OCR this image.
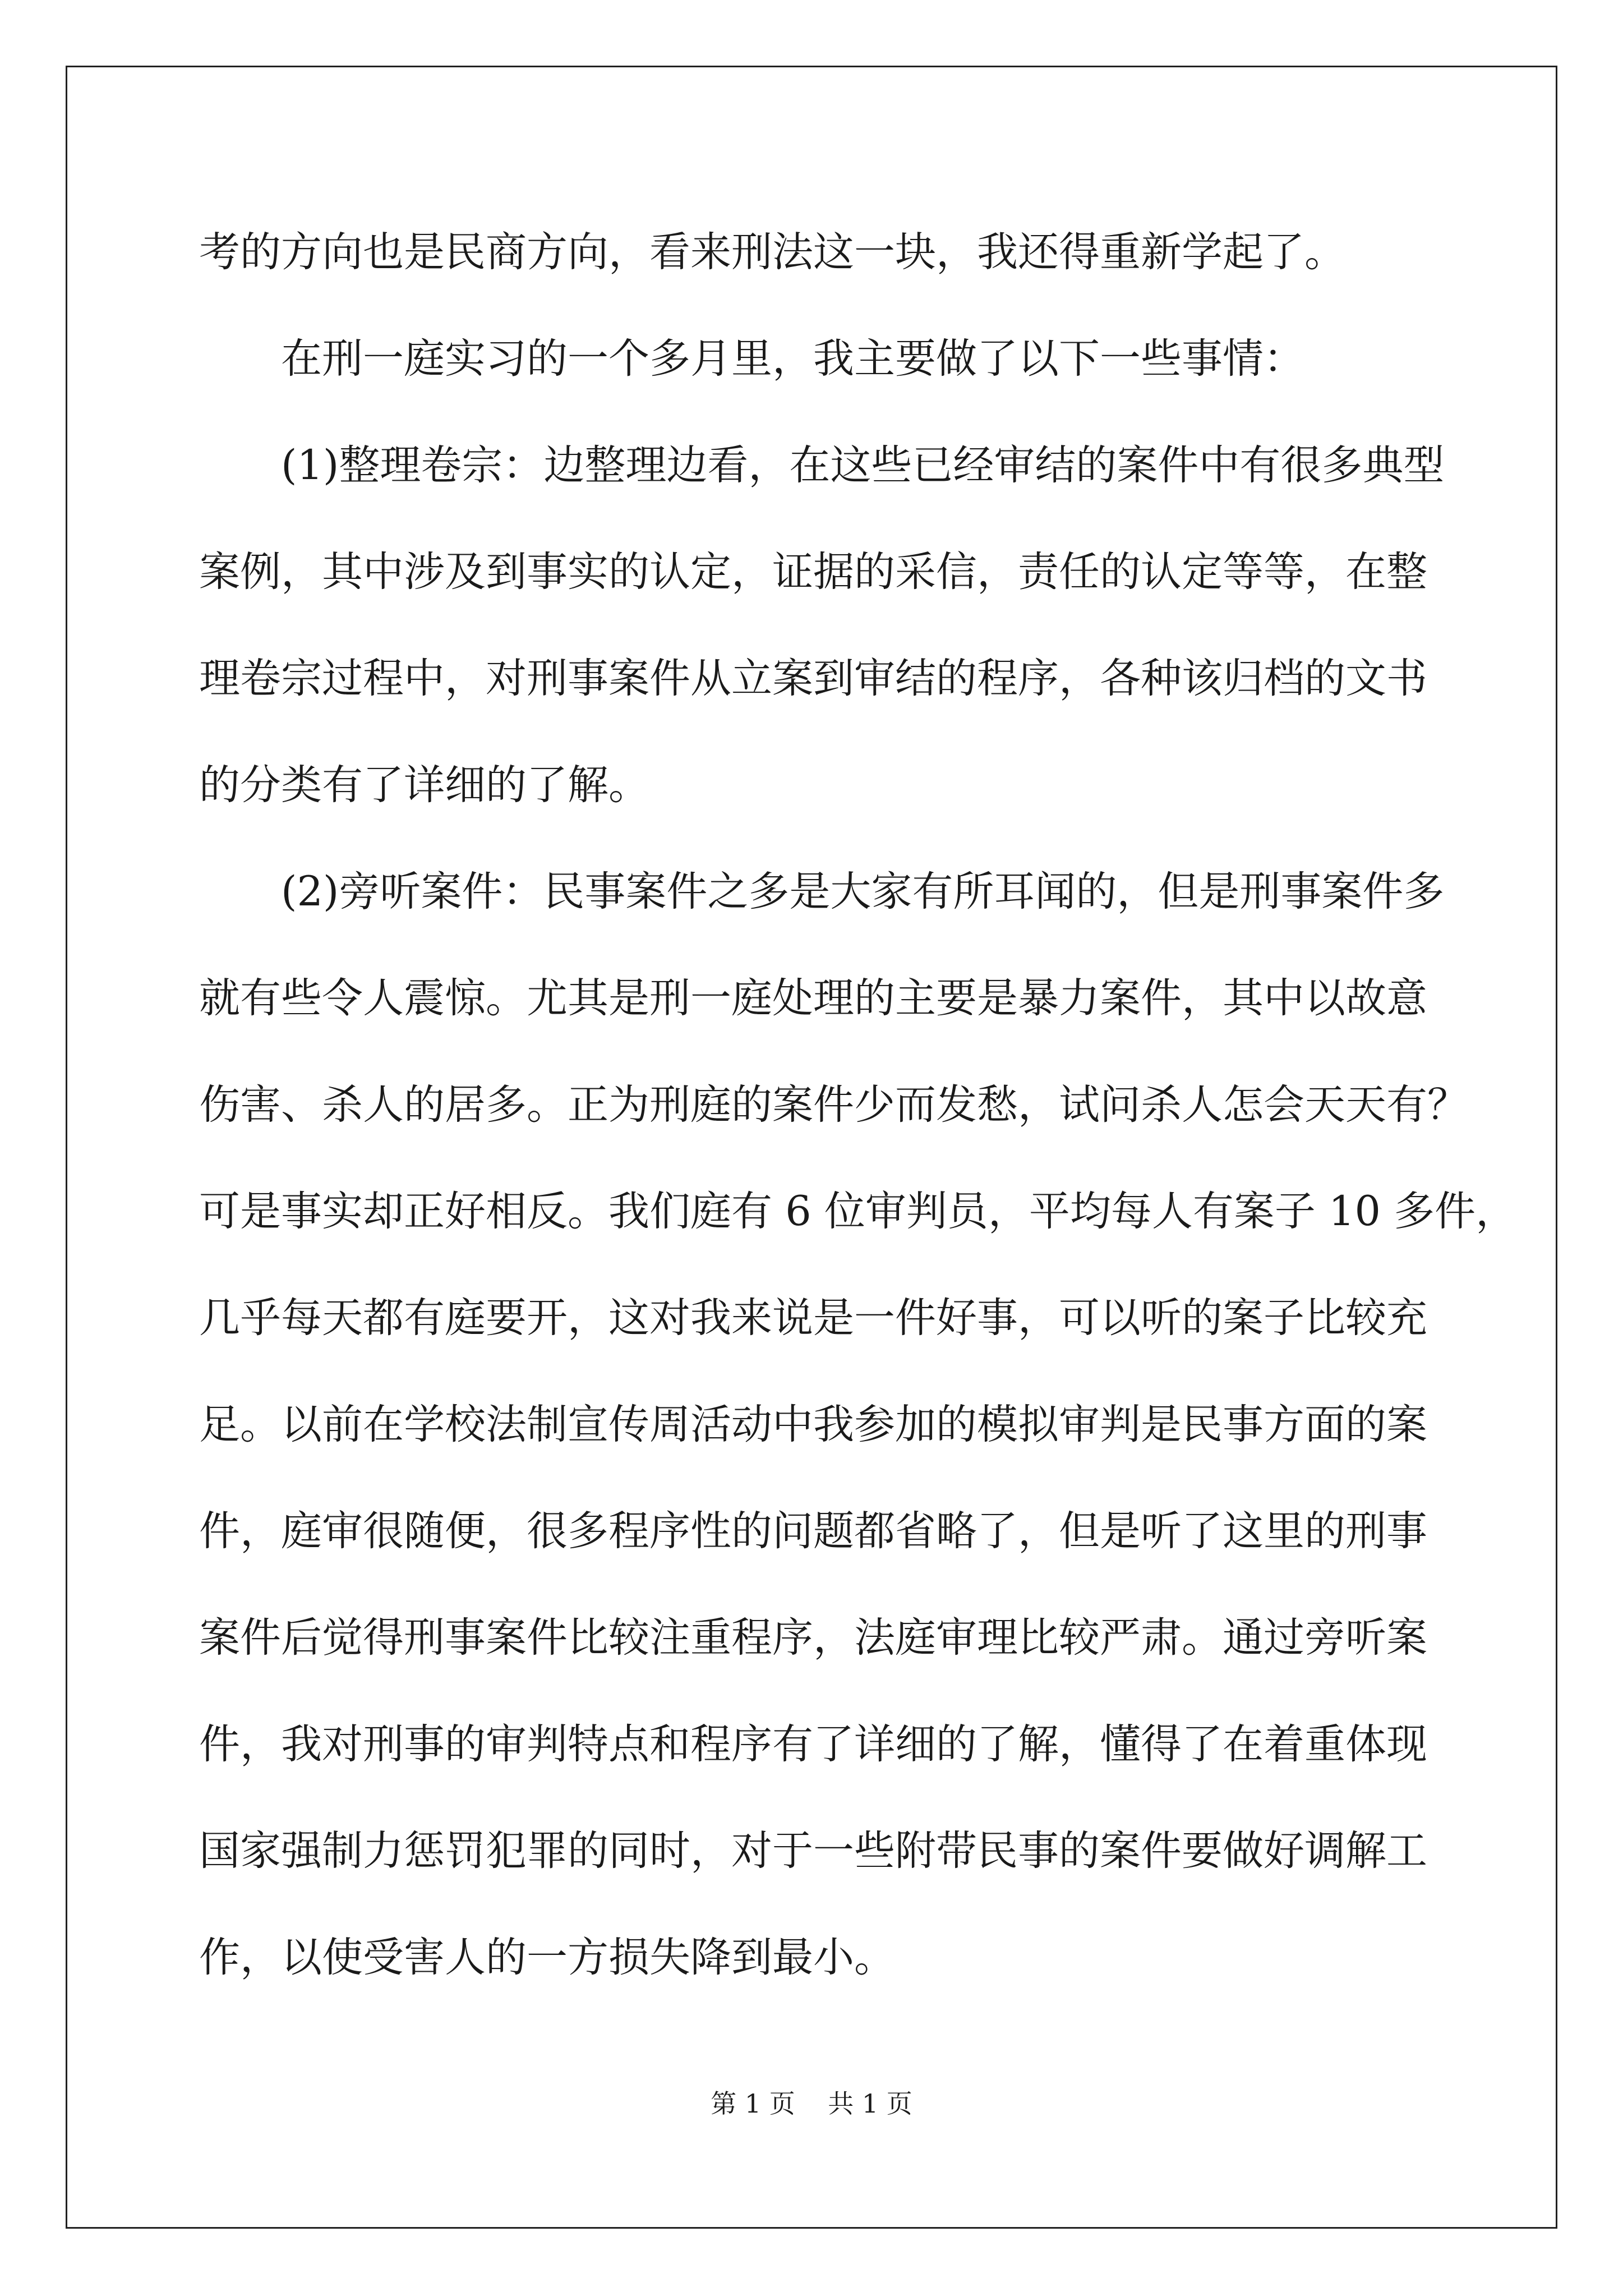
考的方向也是民商方向，看来刑法这一块，我还得重新学起了。
在刑一庭实习的一个多月里，我主要做了以下一些事情：
(1)整理卷宗：边整理边看，在这些已经审结的案件中有很多典型
案例，其中涉及到事实的认定，证据的采信，责任的认定等等，在整
理卷宗过程中，对刑事案件从立案到审结的程序，各种该归档的文书
的分类有了详细的了解。
(2)旁听案件：民事案件之多是大家有所耳闻的，但是刑事案件多
就有些令人震惊。尤其是刑一庭处理的主要是暴力案件，其中以故意
伤害、杀人的居多。正为刑庭的案件少而发愁，试问杀人怎会天天有？
可是事实却正好相反。我们庭有 6 位审判员，平均每人有案子 10 多件，
几乎每天都有庭要开，这对我来说是一件好事，可以听的案子比较充
足。以前在学校法制宣传周活动中我参加的模拟审判是民事方面的案
件，庭审很随便，很多程序性的问题都省略了，但是听了这里的刑事
案件后觉得刑事案件比较注重程序，法庭审理比较严肃。通过旁听案
件，我对刑事的审判特点和程序有了详细的了解，懂得了在着重体现
国家强制力惩罚犯罪的同时，对于一些附带民事的案件要做好调解工
作，以使受害人的一方损失降到最小。
第 1 页    共 1 页
